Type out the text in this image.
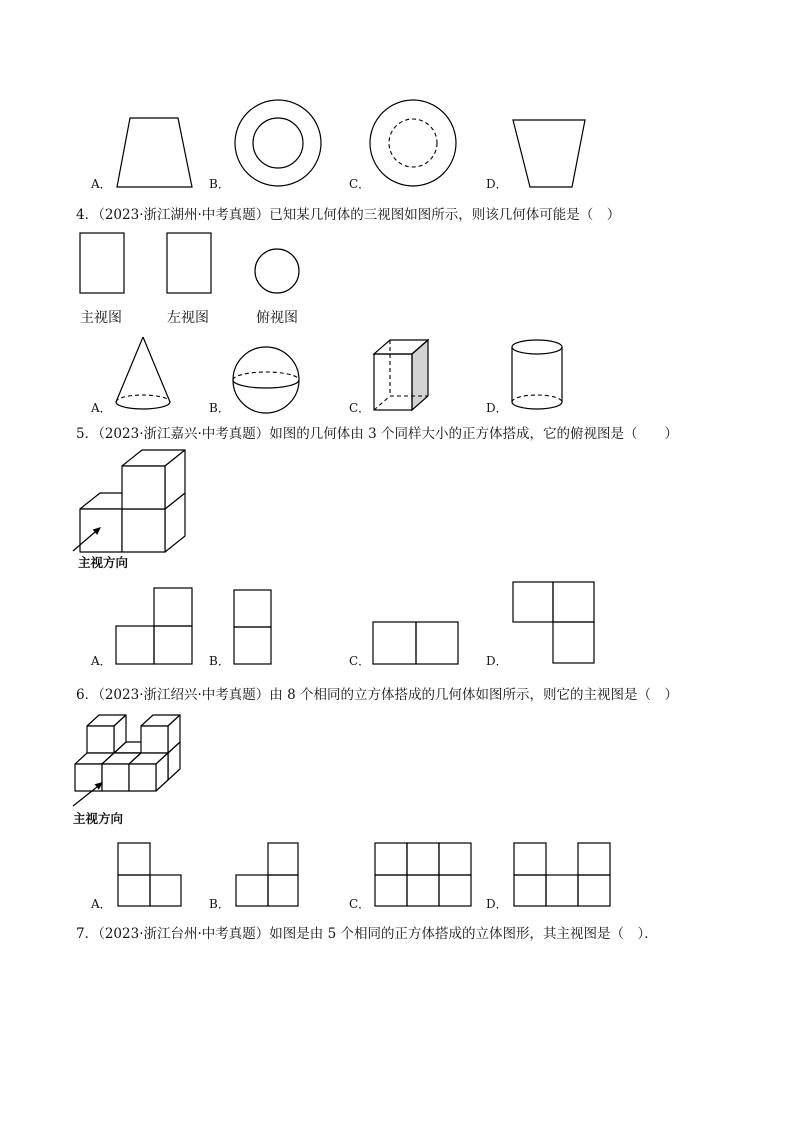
A．	B．	C．	D．
4．（2023·浙江湖州·中考真题）已知某几何体的三视图如图所示，则该几何体可能是（　）
主视图	左视图	俯视图
A．	B．	C．	D．
5．（2023·浙江嘉兴·中考真题）如图的几何体由 3 个同样大小的正方体搭成，它的俯视图是（　　）
主视方向
A．	B．	C．	D．
6．（2023·浙江绍兴·中考真题）由 8 个相同的立方体搭成的几何体如图所示，则它的主视图是（　）
主视方向
A．	B．	C．	D．
7．（2023·浙江台州·中考真题）如图是由 5 个相同的正方体搭成的立体图形，其主视图是（　）．
